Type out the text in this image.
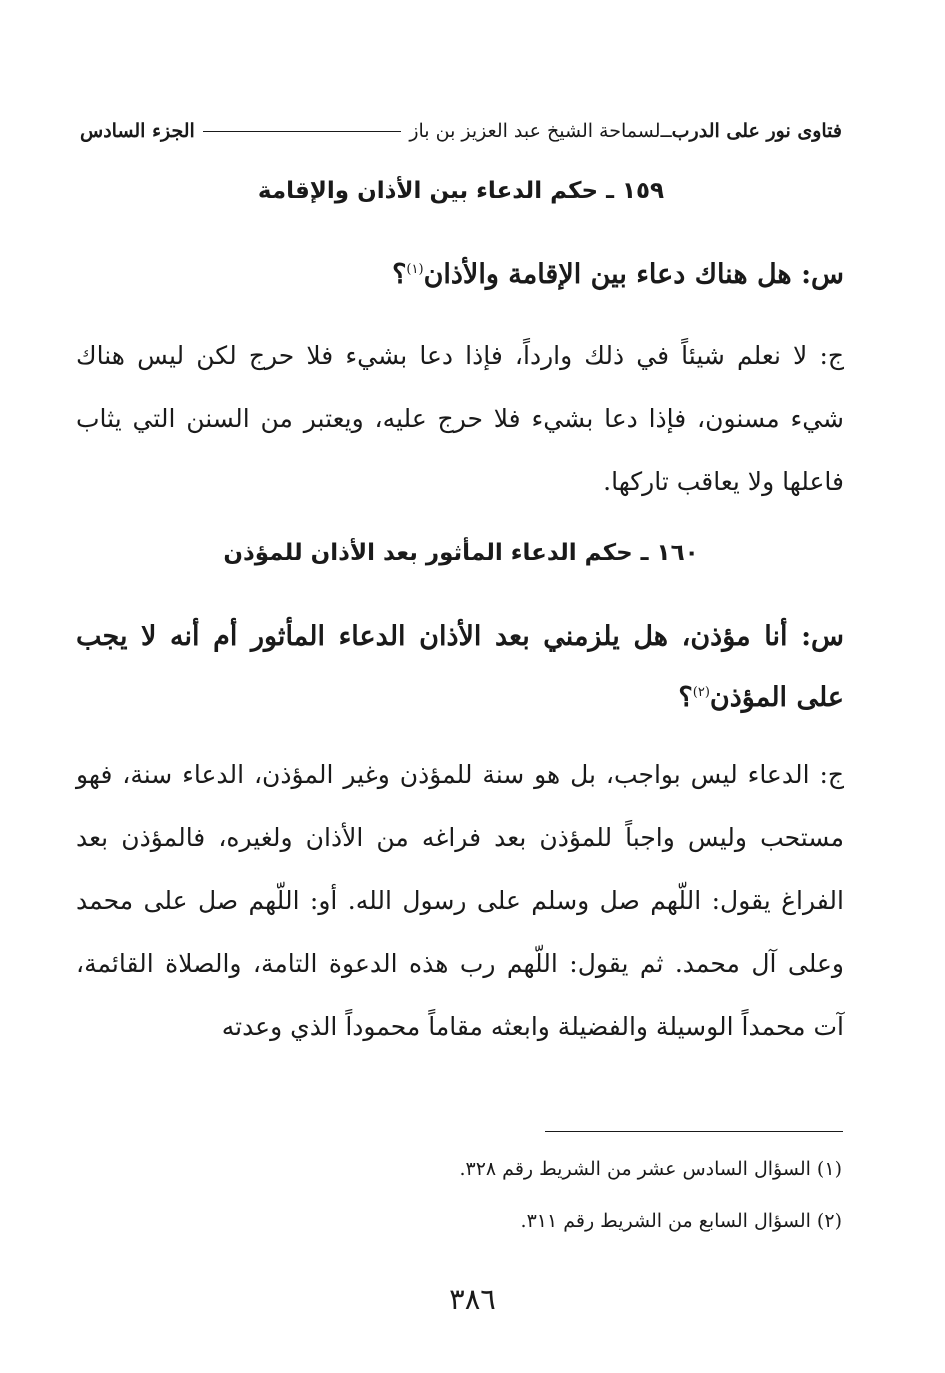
فتاوى نور على الدرب
ــ
لسماحة الشيخ عبد العزيز بن باز
الجزء السادس
١٥٩ ـ حكم الدعاء بين الأذان والإقامة
س: هل هناك دعاء بين الإقامة والأذان$^{(١)}$؟
ج: لا نعلم شيئاً في ذلك وارداً، فإذا دعا بشيء فلا حرج لكن ليس هناك شيء مسنون، فإذا دعا بشيء فلا حرج عليه، ويعتبر من السنن التي يثاب فاعلها ولا يعاقب تاركها.
١٦٠ ـ حكم الدعاء المأثور بعد الأذان للمؤذن
س: أنا مؤذن، هل يلزمني بعد الأذان الدعاء المأثور أم أنه لا يجب على المؤذن$^{(٢)}$؟
ج: الدعاء ليس بواجب، بل هو سنة للمؤذن وغير المؤذن، الدعاء سنة، فهو مستحب وليس واجباً للمؤذن بعد فراغه من الأذان ولغيره، فالمؤذن بعد الفراغ يقول: اللّهم صل وسلم على رسول الله. أو: اللّهم صل على محمد وعلى آل محمد. ثم يقول: اللّهم رب هذه الدعوة التامة، والصلاة القائمة، آت محمداً الوسيلة والفضيلة وابعثه مقاماً محموداً الذي وعدته
(١) السؤال السادس عشر من الشريط رقم ٣٢٨.
(٢) السؤال السابع من الشريط رقم ٣١١.
٣٨٦
